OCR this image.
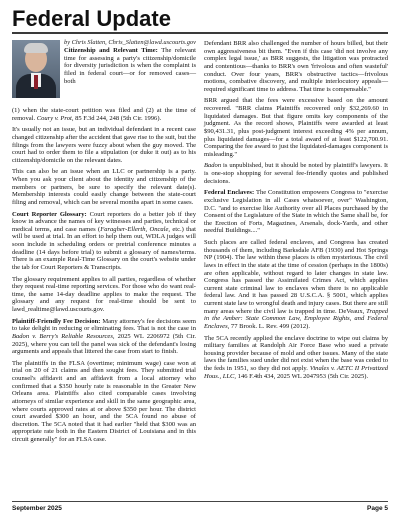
Federal Update
by Chris Slatten, Chris_Slatten@lawd.uscourts.gov

Citizenship and Relevant Time: The relevant time for assessing a party's citizenship/domicile for diversity jurisdiction is when the complaint is filed in federal court—or for removed cases—both

(1) when the state-court petition was filed and (2) at the time of removal. Coury v. Prot, 85 F.3d 244, 248 (5th Cir. 1996).

It's usually not an issue, but an individual defendant in a recent case changed citizenship after the accident that gave rise to the suit, but the filings from the lawyers were fuzzy about when the guy moved. The court had to order them to file a stipulation (or duke it out) as to his citizenship/domicile on the relevant dates.

This can also be an issue when an LLC or partnership is a party. When you ask your client about the identity and citizenship of the members or partners, be sure to specify the relevant date(s). Membership interests could easily change between the state-court filing and removal, which can be several months apart in some cases.

Court Reporter Glossary: Court reporters do a better job if they know in advance the names of key witnesses and parties, technical or medical terms, and case names (Faragher-Ellerth, Oncale, etc.) that will be used at trial. In an effort to help them out, WDLA judges will soon include in scheduling orders or pretrial conference minutes a deadline (14 days before trial) to submit a glossary of names/terms. There is an example Real-Time Glossary on the court's website under the tab for Court Reporters & Transcripts.

The glossary requirement applies to all parties, regardless of whether they request real-time reporting services. For those who do want real-time, the same 14-day deadline applies to make the request. The glossary and any request for real-time should be sent to lawd_realtime@lawd.uscourts.gov.

Plaintiff-Friendly Fee Decision: Many attorney's fee decisions seem to take delight in reducing or eliminating fees. That is not the case in Badon v. Berry's Reliable Resources, 2025 WL 2206972 (5th Cir. 2025), where you can tell the panel was sick of the defendant's losing arguments and appeals that littered the case from start to finish.

The plaintiffs in the FLSA (overtime; minimum wage) case won at trial on 20 of 21 claims and then sought fees. They submitted trial counsel's affidavit and an affidavit from a local attorney who confirmed that a $350 hourly rate is reasonable in the Greater New Orleans area. Plaintiffs also cited comparable cases involving attorneys of similar experience and skill in the same geographic area, where courts approved rates at or above $350 per hour. The district court awarded $300 an hour, and the 5CA found no abuse of discretion. The 5CA noted that it had earlier "held that $300 was an appropriate rate both in the Eastern District of Louisiana and in this circuit generally" for an FLSA case.

Defendant BRR also challenged the number of hours billed, but their own aggressiveness bit them. "Even if this case 'did not involve any complex legal issue,' as BRR suggests, the litigation was protracted and contentious—thanks to BRR's own 'frivolous and often wasteful' conduct. Over four years, BRR's obstructive tactics—frivolous motions, combative discovery, and multiple interlocutory appeals—required significant time to address. That time is compensable."

BRR argued that the fees were excessive based on the amount recovered. "BRR claims Plaintiffs recovered only $32,269.60 in liquidated damages. But that figure omits key components of the judgment. As the record shows, Plaintiffs were awarded at least $90,431.31, plus post-judgment interest exceeding 4% per annum, plus liquidated damages—for a total award of at least $122,700.91. Comparing the fee award to just the liquidated-damages component is misleading."

Badon is unpublished, but it should be noted by plaintiff's lawyers. It is one-stop shopping for several fee-friendly quotes and published decisions.

Federal Enclaves: The Constitution empowers Congress to "exercise exclusive Legislation in all Cases whatsoever, over" Washington, D.C. "and to exercise like Authority over all Places purchased by the Consent of the Legislature of the State in which the Same shall be, for the Erection of Forts, Magazines, Arsenals, dock-Yards, and other needful Buildings...."

Such places are called federal enclaves, and Congress has created thousands of them, including Barksdale AFB (1930) and Hot Springs NP (1904). The law within these places is often mysterious. The civil laws in effect in the state at the time of cession (perhaps in the 1800s) are often applicable, without regard to later changes in state law. Congress has passed the Assimilated Crimes Act, which applies current state criminal law to enclaves when there is no applicable federal law. And it has passed 28 U.S.C.A. § 5001, which applies current state law to wrongful death and injury cases. But there are still many areas where the civil law is trapped in time. DeVeaux, Trapped in the Amber: State Common Law, Employee Rights, and Federal Enclaves, 77 Brook. L. Rev. 499 (2012).

The 5CA recently applied the enclave doctrine to wipe out claims by military families at Randolph Air Force Base who sued a private housing provider because of mold and other issues. Many of the state laws the families sued under did not exist when the base was ceded to the feds in 1951, so they did not apply. Vinales v. AETC II Privatized Hous., LLC, 146 F.4th 434, 2025 WL 2047953 (5th Cir. 2025).

September 2025	Page 5
